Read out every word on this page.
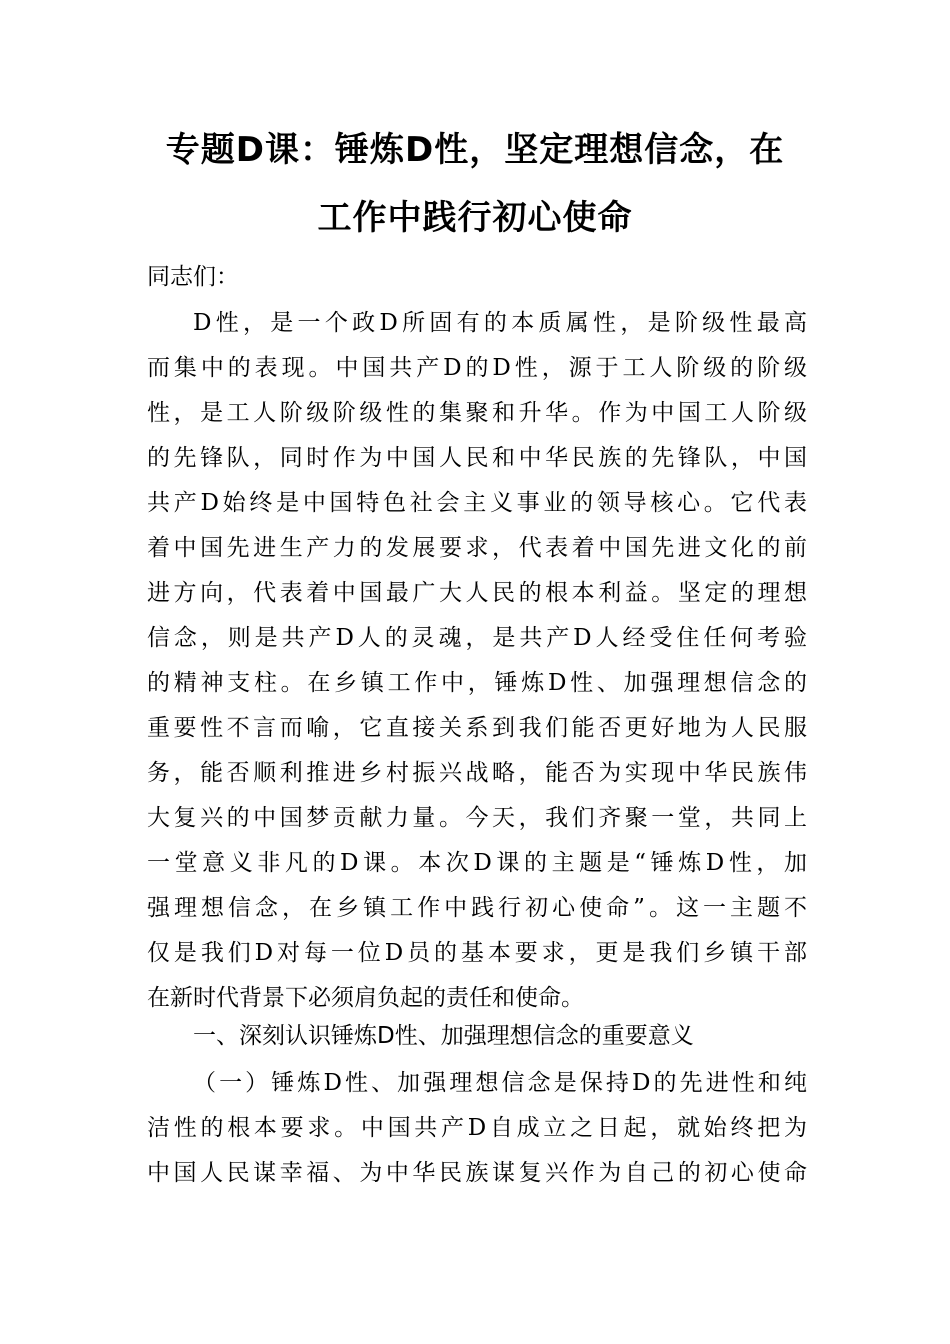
专题D课：锤炼D性，坚定理想信念，在
工作中践行初心使命
同志们：
D性，是一个政D所固有的本质属性，是阶级性最高
而集中的表现。中国共产D的D性，源于工人阶级的阶级
性，是工人阶级阶级性的集聚和升华。作为中国工人阶级
的先锋队，同时作为中国人民和中华民族的先锋队，中国
共产D始终是中国特色社会主义事业的领导核心。它代表
着中国先进生产力的发展要求，代表着中国先进文化的前
进方向，代表着中国最广大人民的根本利益。坚定的理想
信念，则是共产D人的灵魂，是共产D人经受住任何考验
的精神支柱。在乡镇工作中，锤炼D性、加强理想信念的
重要性不言而喻，它直接关系到我们能否更好地为人民服
务，能否顺利推进乡村振兴战略，能否为实现中华民族伟
大复兴的中国梦贡献力量。今天，我们齐聚一堂，共同上
一堂意义非凡的D课。本次D课的主题是“锤炼D性，加
强理想信念，在乡镇工作中践行初心使命”。这一主题不
仅是我们D对每一位D员的基本要求，更是我们乡镇干部
在新时代背景下必须肩负起的责任和使命。
一、深刻认识锤炼D性、加强理想信念的重要意义
（一）锤炼D性、加强理想信念是保持D的先进性和纯
洁性的根本要求。中国共产D自成立之日起，就始终把为
中国人民谋幸福、为中华民族谋复兴作为自己的初心使命
